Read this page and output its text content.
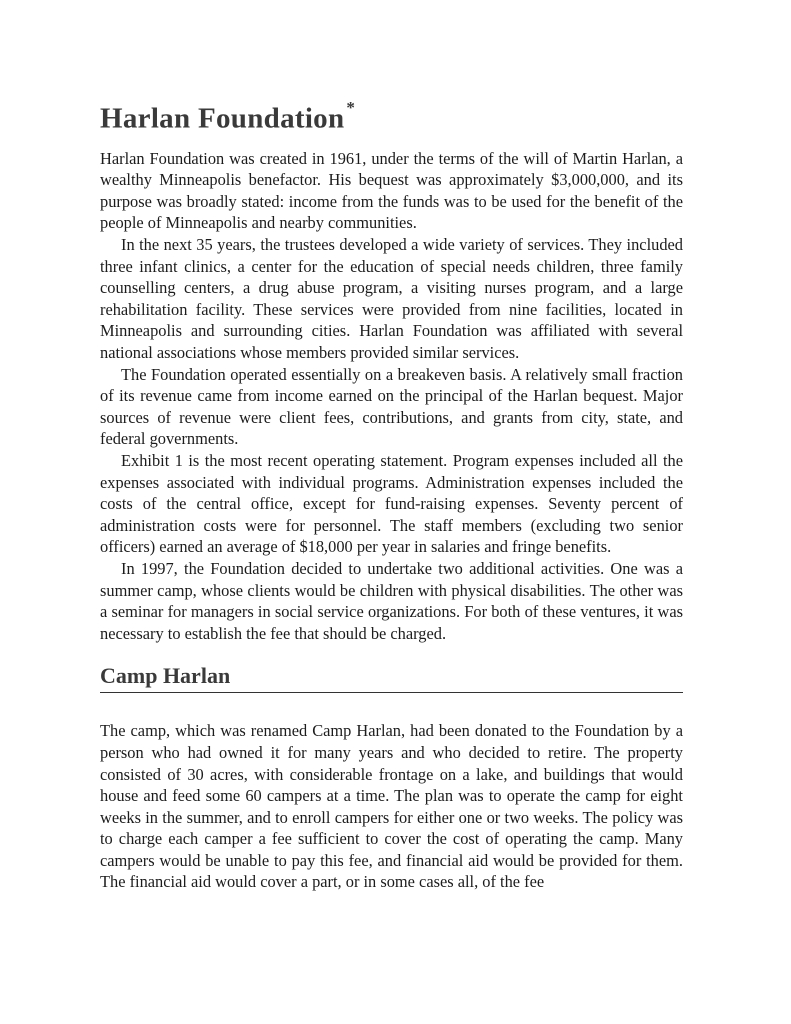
Harlan Foundation *

Harlan Foundation was created in 1961, under the terms of the will of Martin Harlan, a wealthy Minneapolis benefactor. His bequest was approximately $3,000,000, and its purpose was broadly stated: income from the funds was to be used for the benefit of the people of Minneapolis and nearby communities.

In the next 35 years, the trustees developed a wide variety of services. They included three infant clinics, a center for the education of special needs children, three family counselling centers, a drug abuse program, a visiting nurses program, and a large rehabilitation facility. These services were provided from nine facilities, located in Minneapolis and surrounding cities. Harlan Foundation was affiliated with several national associations whose members provided similar services.

The Foundation operated essentially on a breakeven basis. A relatively small fraction of its revenue came from income earned on the principal of the Harlan bequest. Major sources of revenue were client fees, contributions, and grants from city, state, and federal governments.

Exhibit 1 is the most recent operating statement. Program expenses included all the expenses associated with individual programs. Administration expenses included the costs of the central office, except for fund-raising expenses. Seventy percent of administration costs were for personnel. The staff members (excluding two senior officers) earned an average of $18,000 per year in salaries and fringe benefits.

In 1997, the Foundation decided to undertake two additional activities. One was a summer camp, whose clients would be children with physical disabilities. The other was a seminar for managers in social service organizations. For both of these ventures, it was necessary to establish the fee that should be charged.

Camp Harlan

The camp, which was renamed Camp Harlan, had been donated to the Foundation by a person who had owned it for many years and who decided to retire. The property consisted of 30 acres, with considerable frontage on a lake, and buildings that would house and feed some 60 campers at a time. The plan was to operate the camp for eight weeks in the summer, and to enroll campers for either one or two weeks. The policy was to charge each camper a fee sufficient to cover the cost of operating the camp. Many campers would be unable to pay this fee, and financial aid would be provided for them. The financial aid would cover a part, or in some cases all, of the fee
